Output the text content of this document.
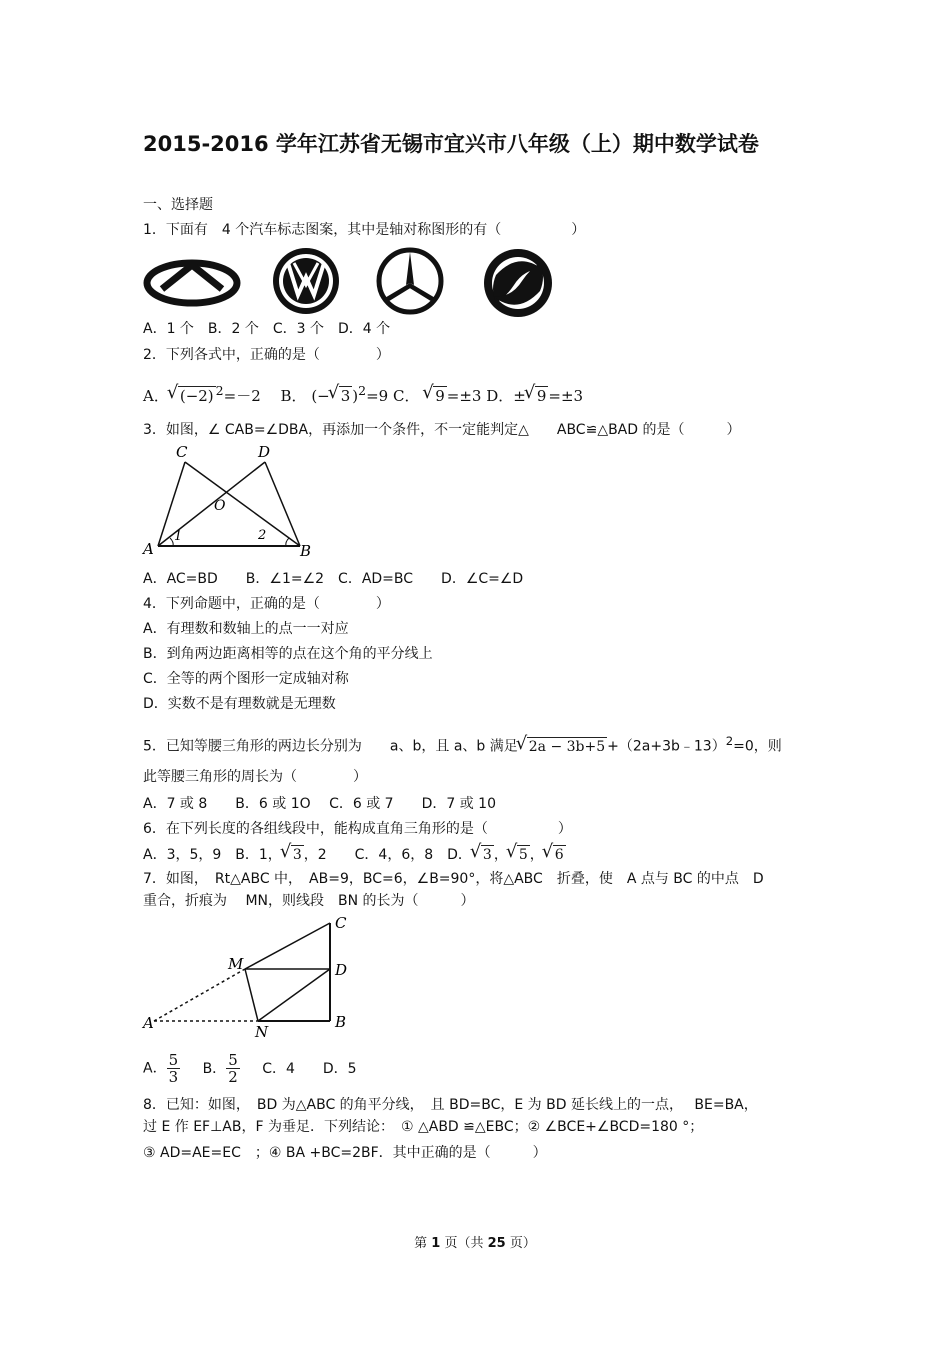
2015-2016 学年江苏省无锡市宜兴市八年级（上）期中数学试卷
一、选择题
1．下面有　4 个汽车标志图案，其中是轴对称图形的有（　　　　　）
A．1 个　B．2 个　C．3 个　D．4 个
2．下列各式中，正确的是（　　　　）
A． √ (−2) $^2$=－2　 B． (− √ 3 )$^2$=9 C． √ 9 =±3 D．± √ 9 =±3
3．如图，∠ CAB=∠DBA，再添加一个条件，不一定能判定△　　ABC≌△BAD 的是（　　　）
C	D
O
A	B
1	2
A．AC=BD　　B．∠1=∠2　C．AD=BC　　D．∠C=∠D
4．下列命题中，正确的是（　　　　）
A．有理数和数轴上的点一一对应
B．到角两边距离相等的点在这个角的平分线上
C．全等的两个图形一定成轴对称
D．实数不是有理数就是无理数
5．已知等腰三角形的两边长分别为　　a、b，且 a、b 满足 √ 2a − 3b+5 +（2a+3b﹣13）$^2$=0，则
此等腰三角形的周长为（　　　　）
A．7 或 8　　B．6 或 1O　 C．6 或 7　　D．7 或 10
6．在下列长度的各组线段中，能构成直角三角形的是（　　　　　）
A．3，5，9　B．1， √ 3 ，2　　C．4，6，8　D． √ 3 ， √ 5 ， √ 6
7．如图，　Rt△ABC 中，　AB=9，BC=6，∠B=90°，将△ABC　折叠，使　A 点与 BC 的中点　D
重合，折痕为　 MN，则线段　BN 的长为（　　　）
C
D
B
M
N
A
A． $\frac{5}{3}$ B． $\frac{5}{2}$ C．4　　D．5
8．已知：如图，　BD 为△ABC 的角平分线，　且 BD=BC，E 为 BD 延长线上的一点，　 BE=BA，
过 E 作 EF⊥AB，F 为垂足．下列结论：　① △ABD ≌△EBC；② ∠BCE+∠BCD=180 °；
③ AD=AE=EC　；④ BA +BC=2BF．其中正确的是（　　　）
第 1 页（共 25 页）
